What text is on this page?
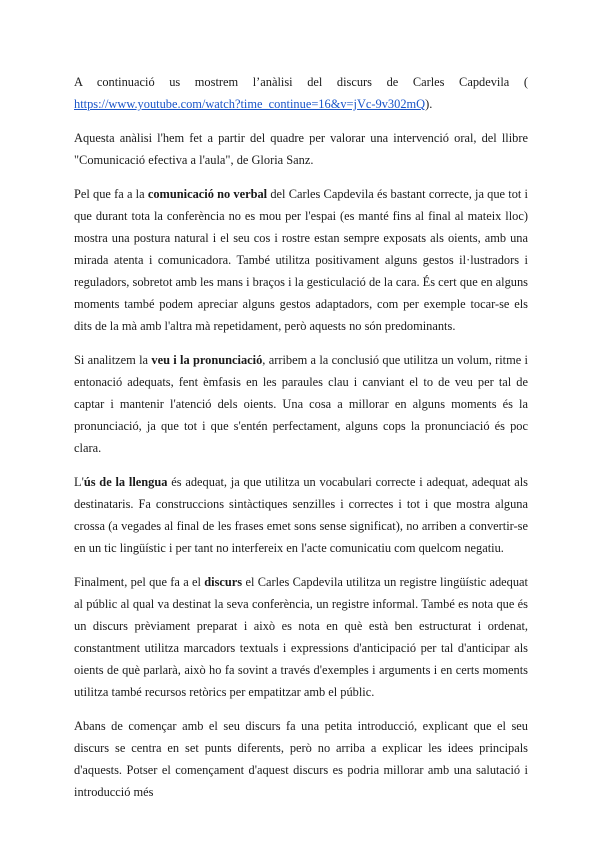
A continuació us mostrem l’anàlisi del discurs de Carles Capdevila ( https://www.youtube.com/watch?time_continue=16&v=jVc-9v302mQ).

Aquesta anàlisi l'hem fet a partir del quadre per valorar una intervenció oral, del llibre "Comunicació efectiva a l'aula", de Gloria Sanz.

Pel que fa a la comunicació no verbal del Carles Capdevila és bastant correcte, ja que tot i que durant tota la conferència no es mou per l'espai (es manté fins al final al mateix lloc) mostra una postura natural i el seu cos i rostre estan sempre exposats als oients, amb una mirada atenta i comunicadora. També utilitza positivament alguns gestos il·lustradors i reguladors, sobretot amb les mans i braços i la gesticulació de la cara. És cert que en alguns moments també podem apreciar alguns gestos adaptadors, com per exemple tocar-se els dits de la mà amb l'altra mà repetidament, però aquests no són predominants.

Si analitzem la veu i la pronunciació, arribem a la conclusió que utilitza un volum, ritme i entonació adequats, fent èmfasis en les paraules clau i canviant el to de veu per tal de captar i mantenir l'atenció dels oients. Una cosa a millorar en alguns moments és la pronunciació, ja que tot i que s'entén perfectament, alguns cops la pronunciació és poc clara.

L'ús de la llengua és adequat, ja que utilitza un vocabulari correcte i adequat, adequat als destinataris. Fa construccions sintàctiques senzilles i correctes i tot i que mostra alguna crossa (a vegades al final de les frases emet sons sense significat), no arriben a convertir-se en un tic lingüístic i per tant no interfereix en l'acte comunicatiu com quelcom negatiu.

Finalment, pel que fa a el discurs el Carles Capdevila utilitza un registre lingüístic adequat al públic al qual va destinat la seva conferència, un registre informal. També es nota que és un discurs prèviament preparat i això es nota en què està ben estructurat i ordenat, constantment utilitza marcadors textuals i expressions d'anticipació per tal d'anticipar als oients de què parlarà, això ho fa sovint a través d'exemples i arguments i en certs moments utilitza també recursos retòrics per empatitzar amb el públic.

Abans de començar amb el seu discurs fa una petita introducció, explicant que el seu discurs se centra en set punts diferents, però no arriba a explicar les idees principals d'aquests. Potser el començament d'aquest discurs es podria millorar amb una salutació i introducció més
